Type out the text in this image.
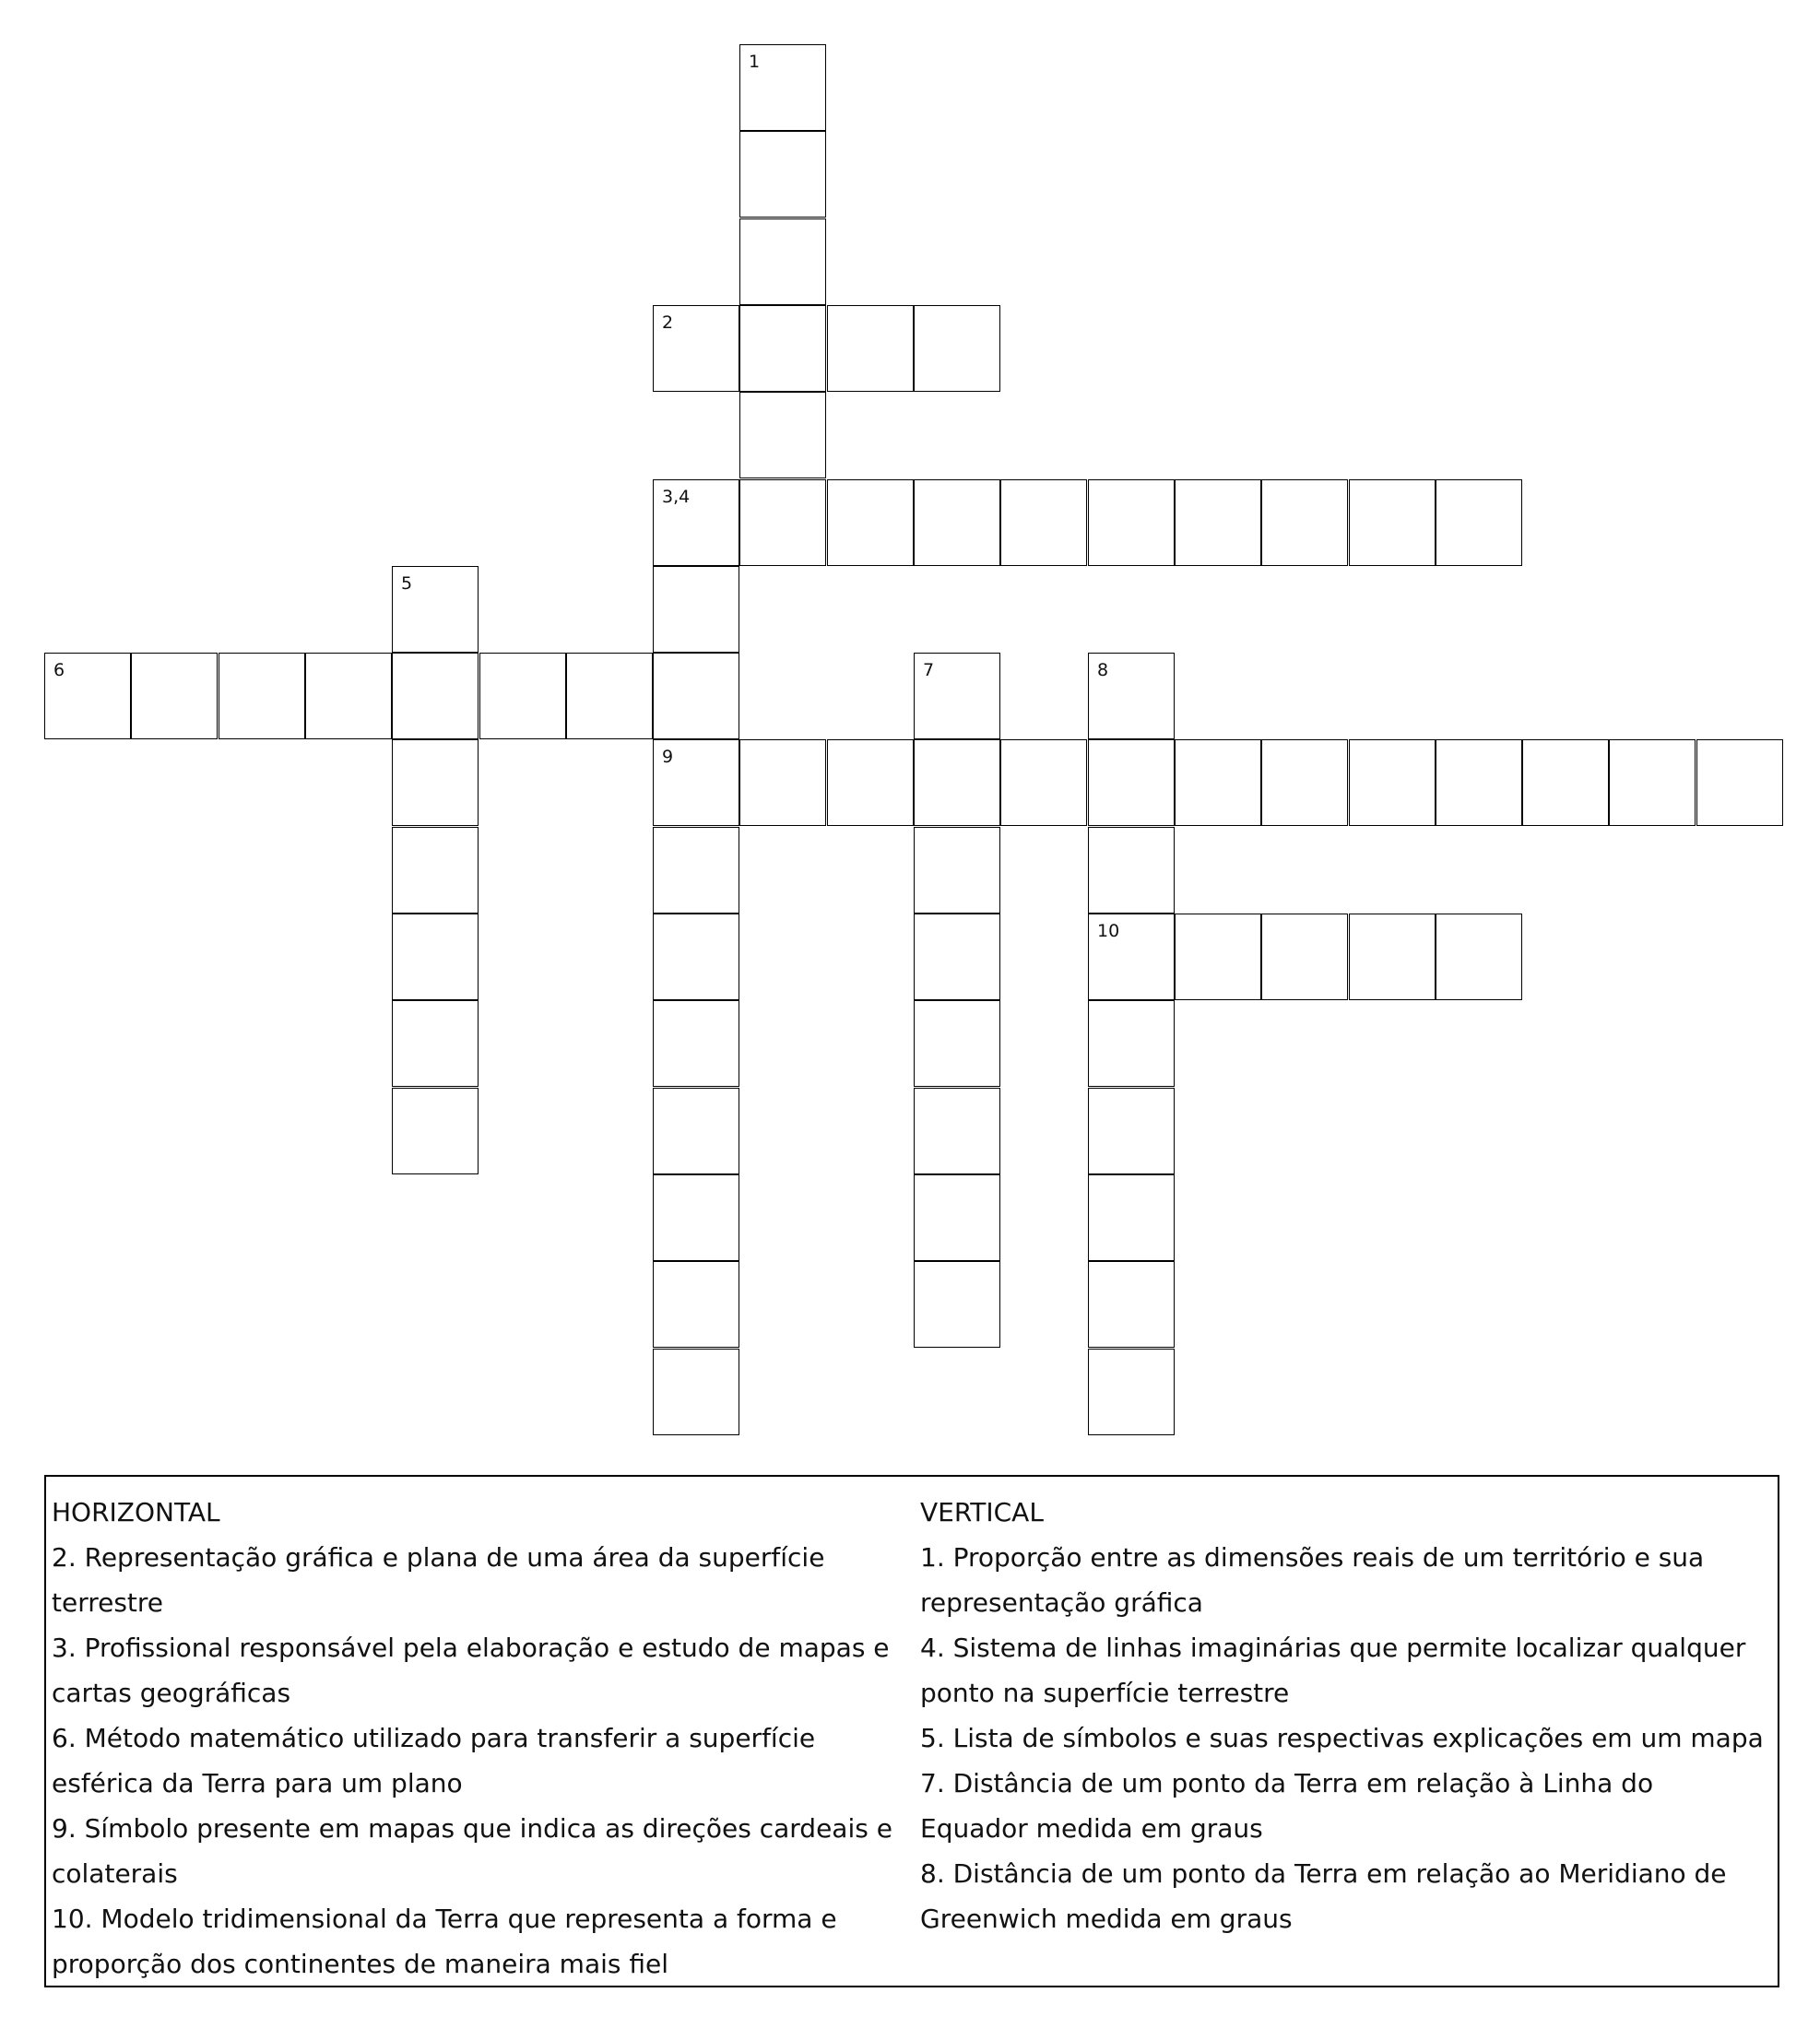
2
3,4
6
9
10
1
5
7	8

HORIZONTAL

2. Representação gráfica e plana de uma área da superfície terrestre

3. Profissional responsável pela elaboração e estudo de mapas e cartas geográficas

6. Método matemático utilizado para transferir a superfície esférica da Terra para um plano

9. Símbolo presente em mapas que indica as direções cardeais e colaterais

10. Modelo tridimensional da Terra que representa a forma e proporção dos continentes de maneira mais fiel

VERTICAL

1. Proporção entre as dimensões reais de um território e sua representação gráfica

4. Sistema de linhas imaginárias que permite localizar qualquer ponto na superfície terrestre

5. Lista de símbolos e suas respectivas explicações em um mapa

7. Distância de um ponto da Terra em relação à Linha do Equador medida em graus

8. Distância de um ponto da Terra em relação ao Meridiano de Greenwich medida em graus
